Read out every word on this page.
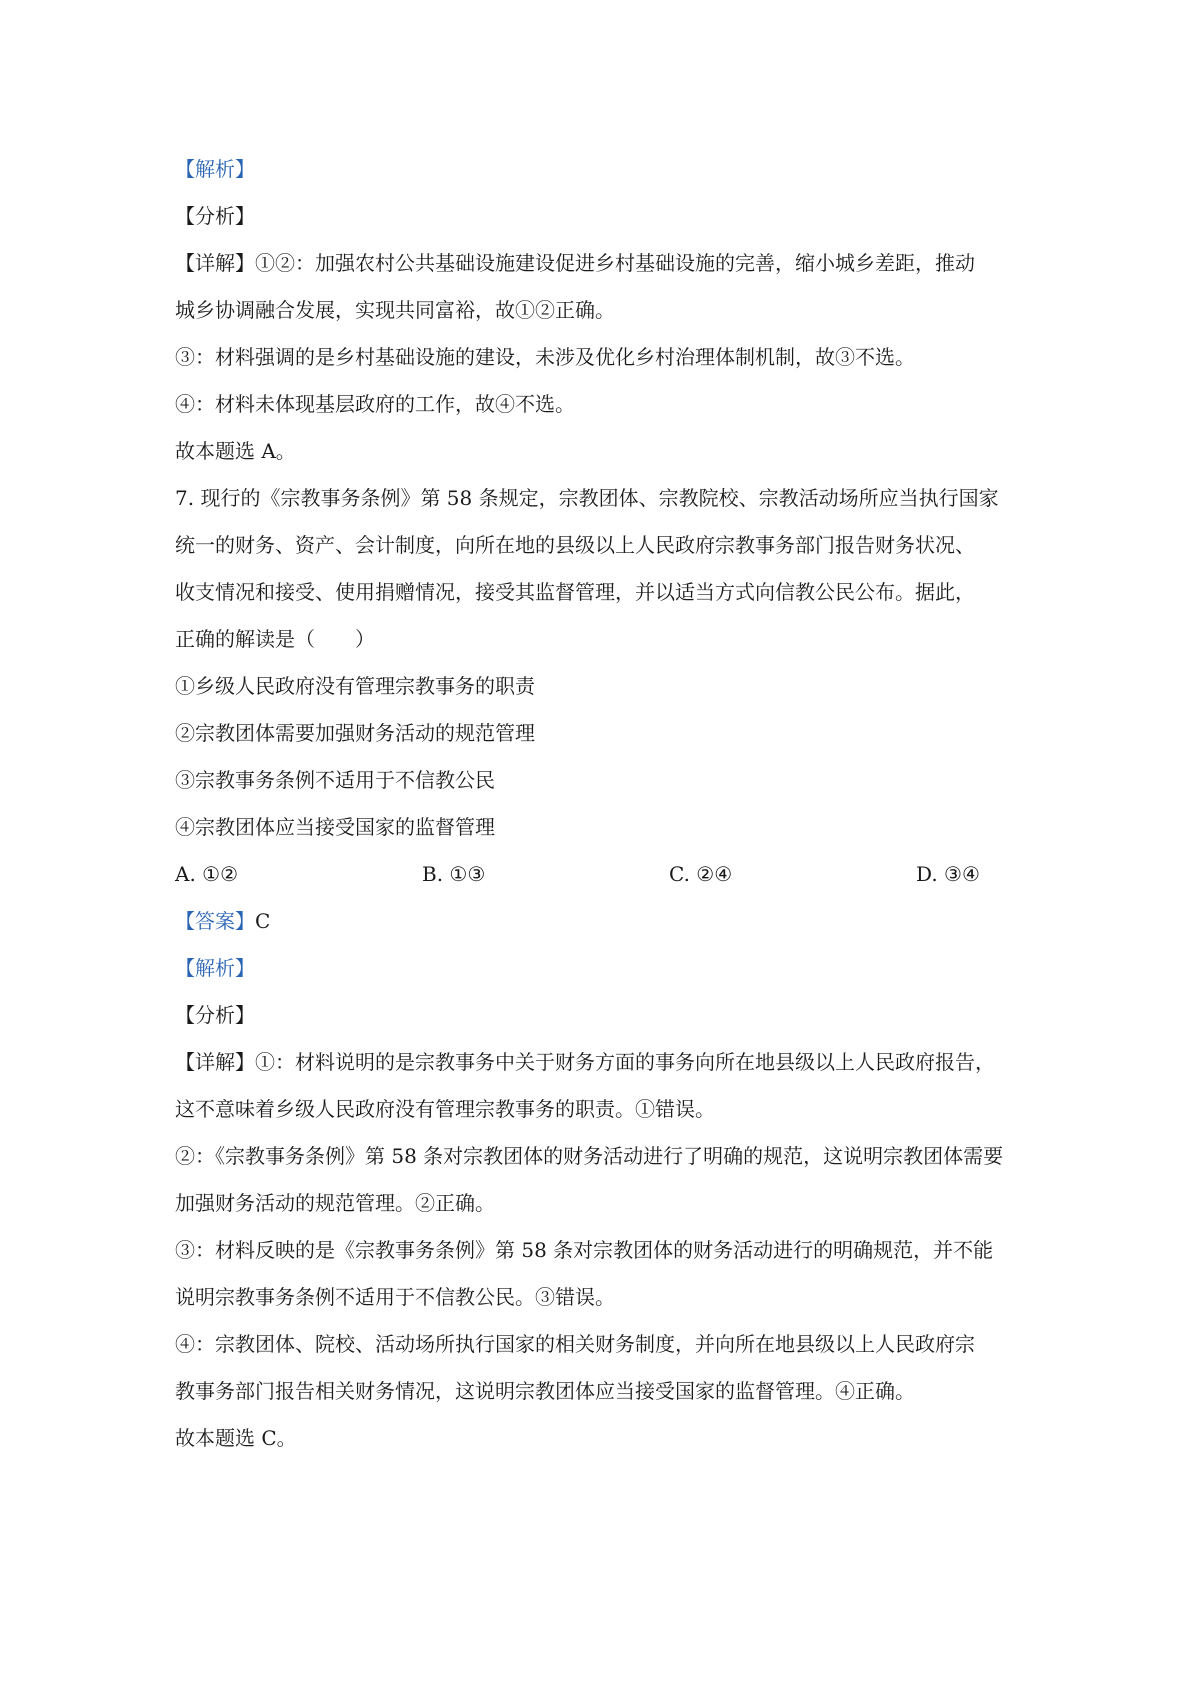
【解析】
【分析】
【详解】①②：加强农村公共基础设施建设促进乡村基础设施的完善，缩小城乡差距，推动
城乡协调融合发展，实现共同富裕，故①②正确。
③：材料强调的是乡村基础设施的建设，未涉及优化乡村治理体制机制，故③不选。
④：材料未体现基层政府的工作，故④不选。
故本题选 A。
7. 现行的《宗教事务条例》第 58 条规定，宗教团体、宗教院校、宗教活动场所应当执行国家
统一的财务、资产、会计制度，向所在地的县级以上人民政府宗教事务部门报告财务状况、
收支情况和接受、使用捐赠情况，接受其监督管理，并以适当方式向信教公民公布。据此，
正确的解读是（　　）
①乡级人民政府没有管理宗教事务的职责
②宗教团体需要加强财务活动的规范管理
③宗教事务条例不适用于不信教公民
④宗教团体应当接受国家的监督管理
A. ①②	B. ①③	C. ②④	D. ③④
【答案】C
【解析】
【分析】
【详解】①：材料说明的是宗教事务中关于财务方面的事务向所在地县级以上人民政府报告，
这不意味着乡级人民政府没有管理宗教事务的职责。①错误。
②：《宗教事务条例》第 58 条对宗教团体的财务活动进行了明确的规范，这说明宗教团体需要
加强财务活动的规范管理。②正确。
③：材料反映的是《宗教事务条例》第 58 条对宗教团体的财务活动进行的明确规范，并不能
说明宗教事务条例不适用于不信教公民。③错误。
④：宗教团体、院校、活动场所执行国家的相关财务制度，并向所在地县级以上人民政府宗
教事务部门报告相关财务情况，这说明宗教团体应当接受国家的监督管理。④正确。
故本题选 C。
